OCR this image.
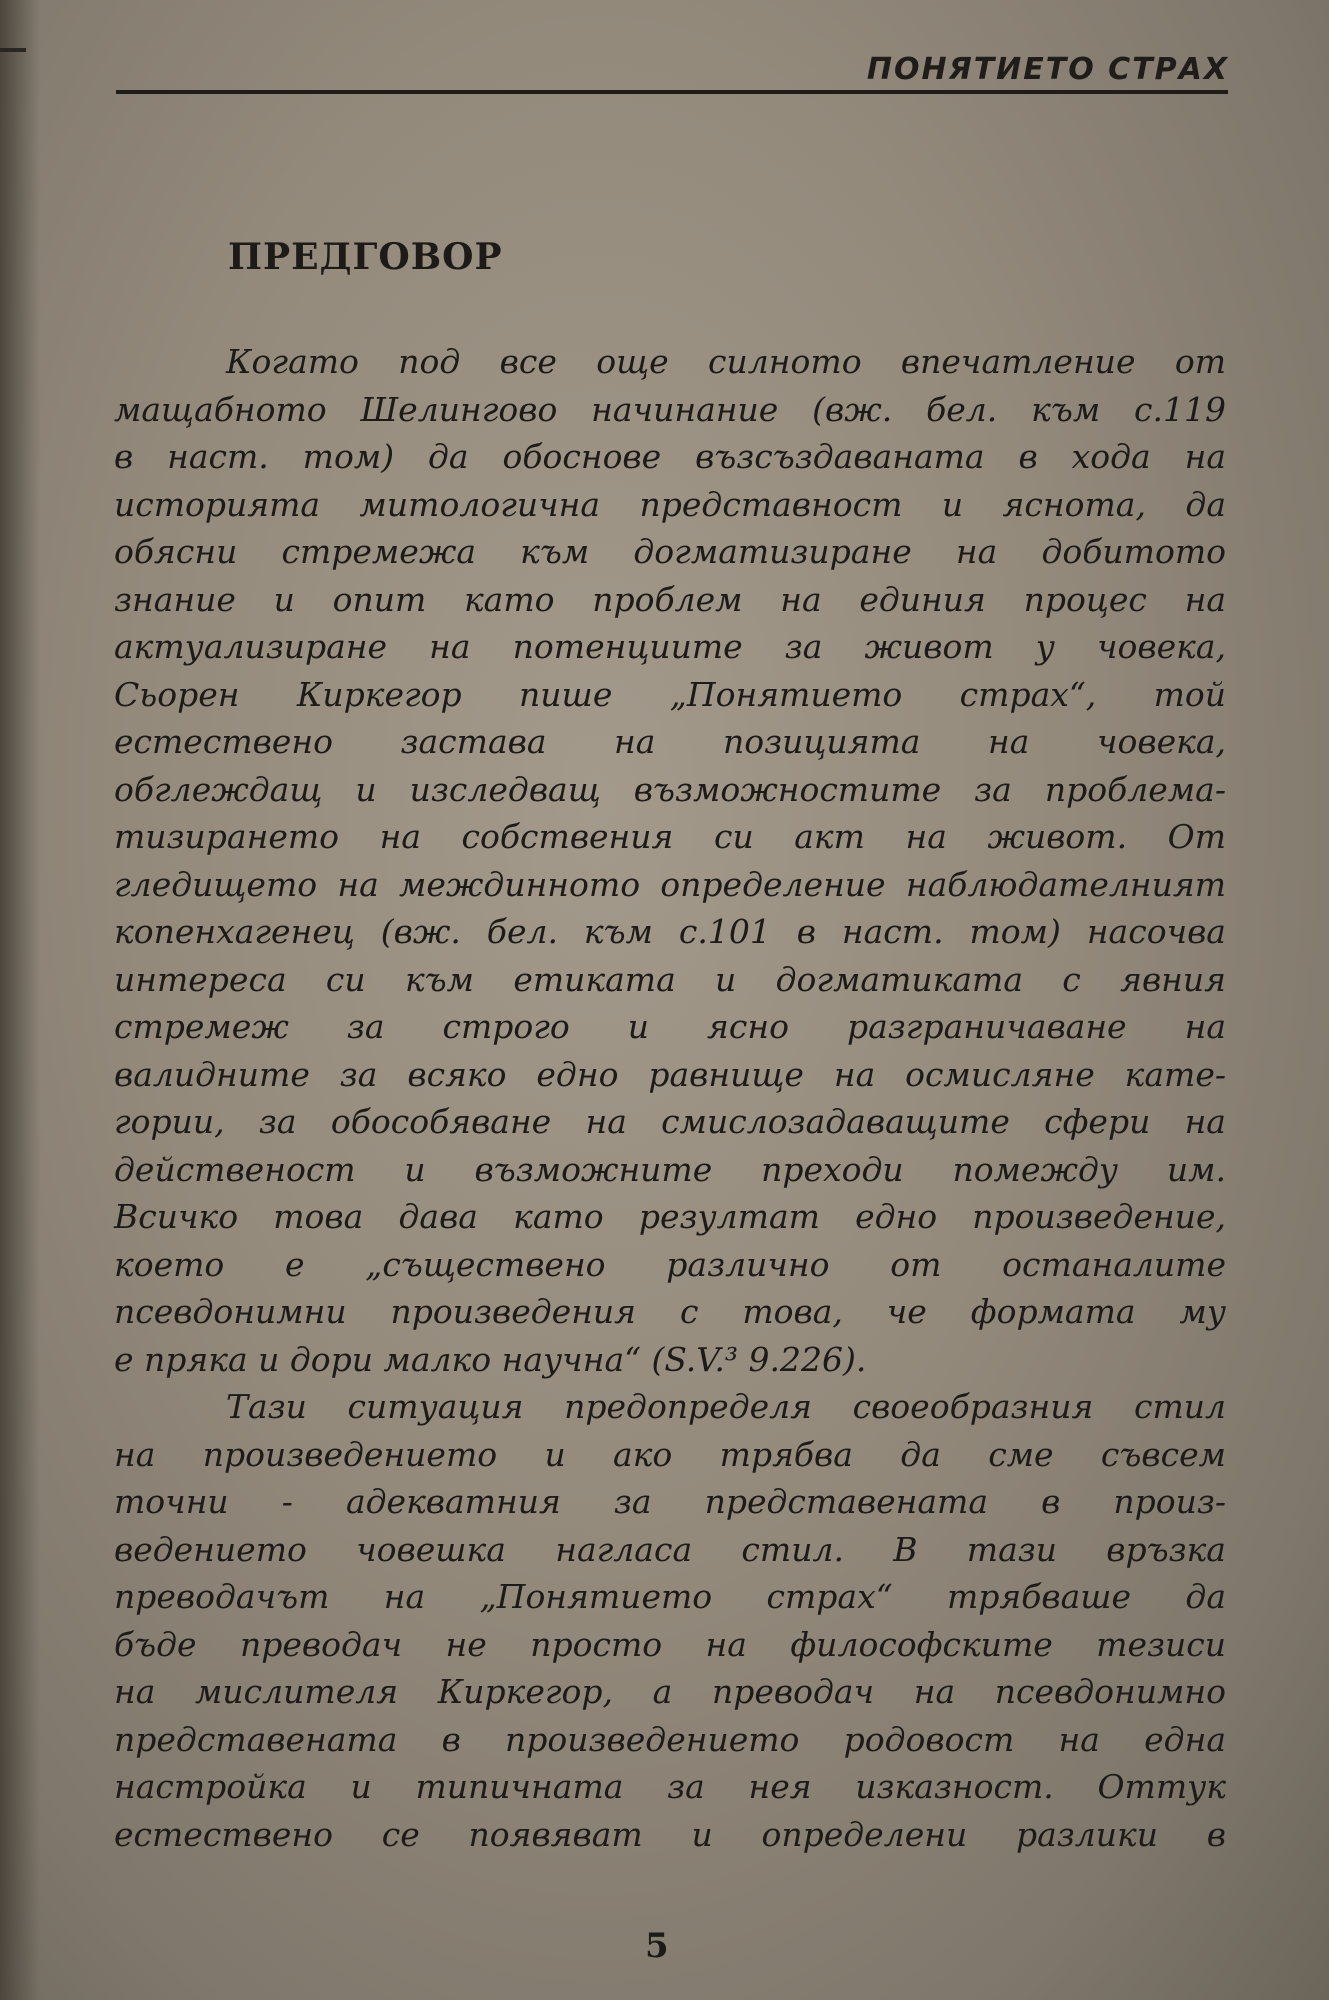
ПОНЯТИЕТО СТРАХ
ПРЕДГОВОР
Когато под все още силното впечатление от
мащабното Шелингово начинание (вж. бел. към с.119
в наст. том) да обоснове възсъздаваната в хода на
историята митологична представност и яснота, да
обясни стремежа към догматизиране на добитото
знание и опит като проблем на единия процес на
актуализиране на потенциите за живот у човека,
Сьорен Киркегор пише „Понятието страх“, той
естествено застава на позицията на човека,
обглеждащ и изследващ възможностите за проблема-
тизирането на собствения си акт на живот. От
гледището на междинното определение наблюдателният
копенхагенец (вж. бел. към с.101 в наст. том) насочва
интереса си към етиката и догматиката с явния
стремеж за строго и ясно разграничаване на
валидните за всяко едно равнище на осмисляне кате-
гории, за обособяване на смислозадаващите сфери на
действеност и възможните преходи помежду им.
Всичко това дава като резултат едно произведение,
което е „съществено различно от останалите
псевдонимни произведения с това, че формата му
е пряка и дори малко научна“ (S.V.³ 9.226).
Тази ситуация предопределя своеобразния стил
на произведението и ако трябва да сме съвсем
точни - адекватния за представената в произ-
ведението човешка нагласа стил. В тази връзка
преводачът на „Понятието страх“ трябваше да
бъде преводач не просто на философските тезиси
на мислителя Киркегор, а преводач на псевдонимно
представената в произведението родовост на една
настройка и типичната за нея изказност. Оттук
естествено се появяват и определени разлики в
5
